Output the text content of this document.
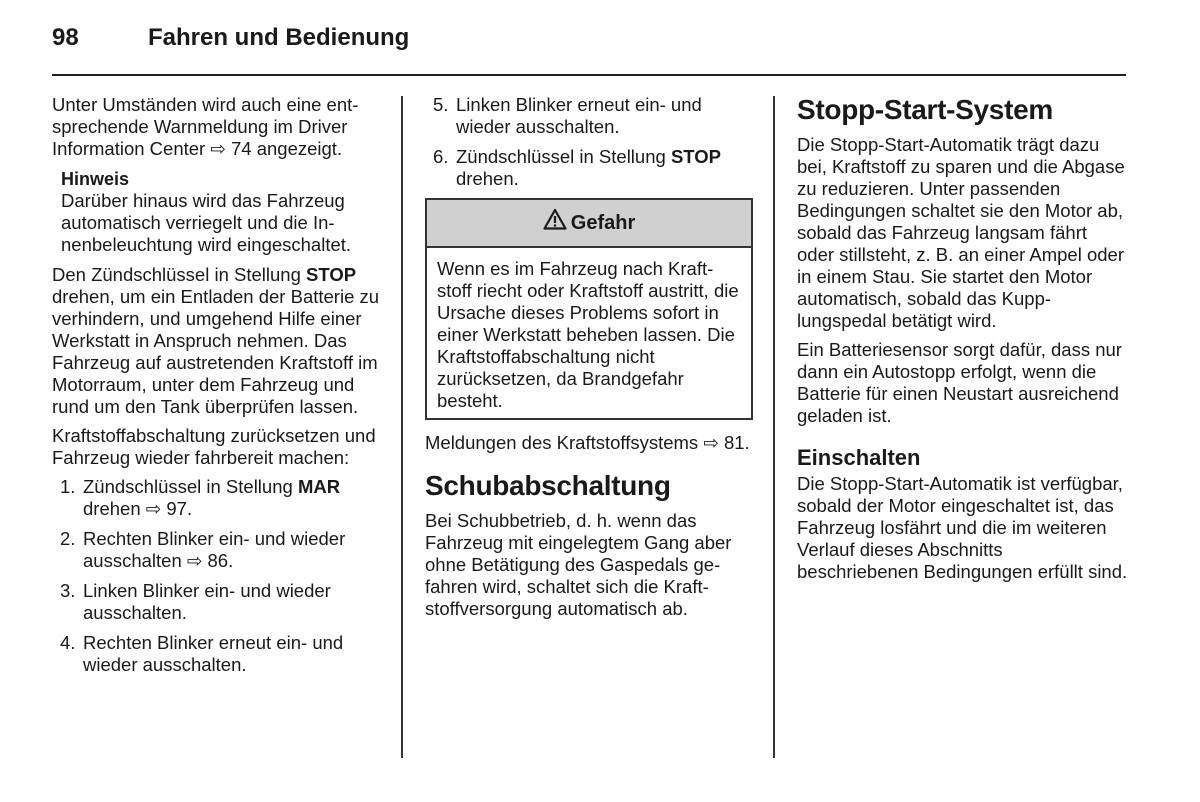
98	Fahren und Bedienung

Unter Umständen wird auch eine entsprechende Warnmeldung im Driver Information Center ⇨ 74 angezeigt.

Hinweis
Darüber hinaus wird das Fahrzeug automatisch verriegelt und die Innenbeleuchtung wird eingeschaltet.

Den Zündschlüssel in Stellung STOP drehen, um ein Entladen der Batterie zu verhindern, und umgehend Hilfe einer Werkstatt in Anspruch nehmen. Das Fahrzeug auf austretenden Kraftstoff im Motorraum, unter dem Fahrzeug und rund um den Tank überprüfen lassen.

Kraftstoffabschaltung zurücksetzen und Fahrzeug wieder fahrbereit machen:

1. Zündschlüssel in Stellung MAR drehen ⇨ 97.
2. Rechten Blinker ein- und wieder ausschalten ⇨ 86.
3. Linken Blinker ein- und wieder ausschalten.
4. Rechten Blinker erneut ein- und wieder ausschalten.
5. Linken Blinker erneut ein- und wieder ausschalten.
6. Zündschlüssel in Stellung STOP drehen.
Gefahr
Wenn es im Fahrzeug nach Kraftstoff riecht oder Kraftstoff austritt, die Ursache dieses Problems sofort in einer Werkstatt beheben lassen. Die Kraftstoffabschaltung nicht zurücksetzen, da Brandgefahr besteht.

Meldungen des Kraftstoffsystems ⇨ 81.

Schubabschaltung

Bei Schubbetrieb, d. h. wenn das Fahrzeug mit eingelegtem Gang aber ohne Betätigung des Gaspedals gefahren wird, schaltet sich die Kraftstoffversorgung automatisch ab.

Stopp-Start-System

Die Stopp-Start-Automatik trägt dazu bei, Kraftstoff zu sparen und die Abgase zu reduzieren. Unter passenden Bedingungen schaltet sie den Motor ab, sobald das Fahrzeug langsam fährt oder stillsteht, z. B. an einer Ampel oder in einem Stau. Sie startet den Motor automatisch, sobald das Kupplungspedal betätigt wird.

Ein Batteriesensor sorgt dafür, dass nur dann ein Autostopp erfolgt, wenn die Batterie für einen Neustart ausreichend geladen ist.

Einschalten

Die Stopp-Start-Automatik ist verfügbar, sobald der Motor eingeschaltet ist, das Fahrzeug losfährt und die im weiteren Verlauf dieses Abschnitts beschriebenen Bedingungen erfüllt sind.
